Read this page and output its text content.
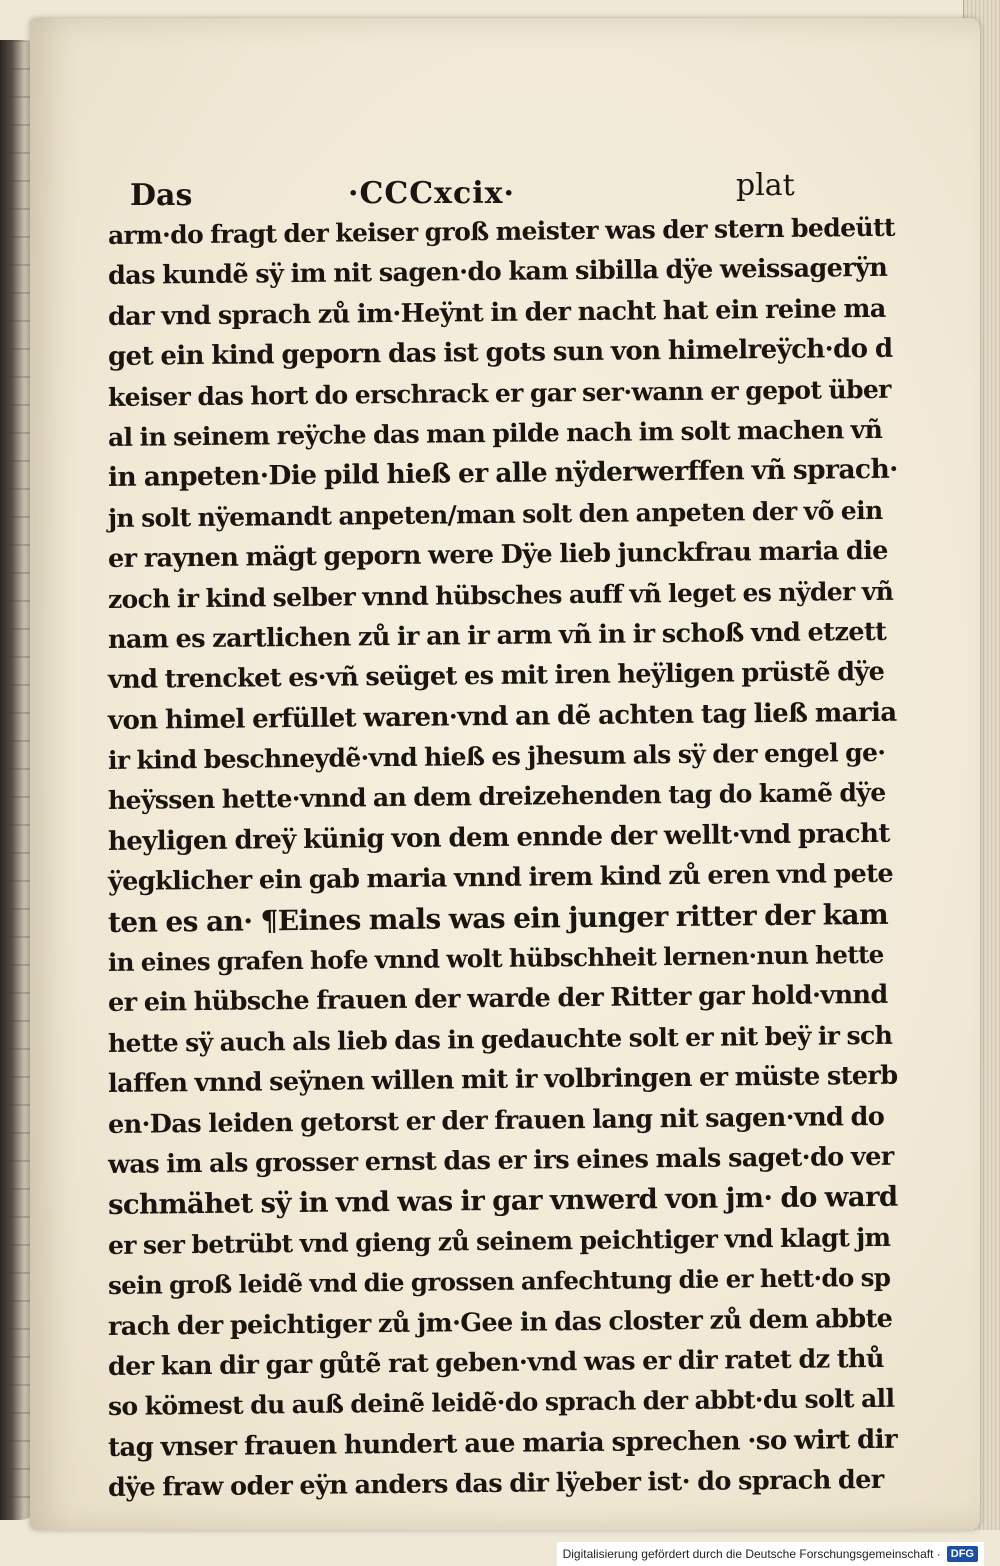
Das	·CCCxcix·	plat
arm·do fragt der keiser groß meister was der stern bedeütt
das kundẽ sÿ im nit sagen·do kam sibilla dÿe weissagerÿn
dar vnd sprach zů im·Heÿnt in der nacht hat ein reine ma
get ein kind geporn das ist gots sun von himelreÿch·do d
keiser das hort do erschrack er gar ser·wann er gepot über
al in seinem reÿche das man pilde nach im solt machen vñ
in anpeten·Die pild hieß er alle nÿderwerffen vñ sprach·
jn solt nÿemandt anpeten/man solt den anpeten der võ ein
er raynen mägt geporn were Dÿe lieb junckfrau maria die
zoch ir kind selber vnnd hübsches auff vñ leget es nÿder vñ
nam es zartlichen zů ir an ir arm vñ in ir schoß vnd etzett
vnd trencket es·vñ seüget es mit iren heÿligen prüstẽ dÿe
von himel erfüllet waren·vnd an dẽ achten tag ließ maria
ir kind beschneydẽ·vnd hieß es jhesum als sÿ der engel ge·
heÿssen hette·vnnd an dem dreizehenden tag do kamẽ dÿe
heyligen dreÿ künig von dem ennde der wellt·vnd pracht
ÿegklicher ein gab maria vnnd irem kind zů eren vnd pete
ten es an· ¶Eines mals was ein junger ritter der kam
in eines grafen hofe vnnd wolt hübschheit lernen·nun hette
er ein hübsche frauen der warde der Ritter gar hold·vnnd
hette sÿ auch als lieb das in gedauchte solt er nit beÿ ir sch
laffen vnnd seÿnen willen mit ir volbringen er müste sterb
en·Das leiden getorst er der frauen lang nit sagen·vnd do
was im als grosser ernst das er irs eines mals saget·do ver
schmähet sÿ in vnd was ir gar vnwerd von jm· do ward
er ser betrübt vnd gieng zů seinem peichtiger vnd klagt jm
sein groß leidẽ vnd die grossen anfechtung die er hett·do sp
rach der peichtiger zů jm·Gee in das closter zů dem abbte
der kan dir gar gůtẽ rat geben·vnd was er dir ratet dz thů
so kömest du auß deinẽ leidẽ·do sprach der abbt·du solt all
tag vnser frauen hundert aue maria sprechen ·so wirt dir
dÿe fraw oder eÿn anders das dir lÿeber ist· do sprach der
Digitalisierung gefördert durch die Deutsche Forschungsgemeinschaft · DFG
